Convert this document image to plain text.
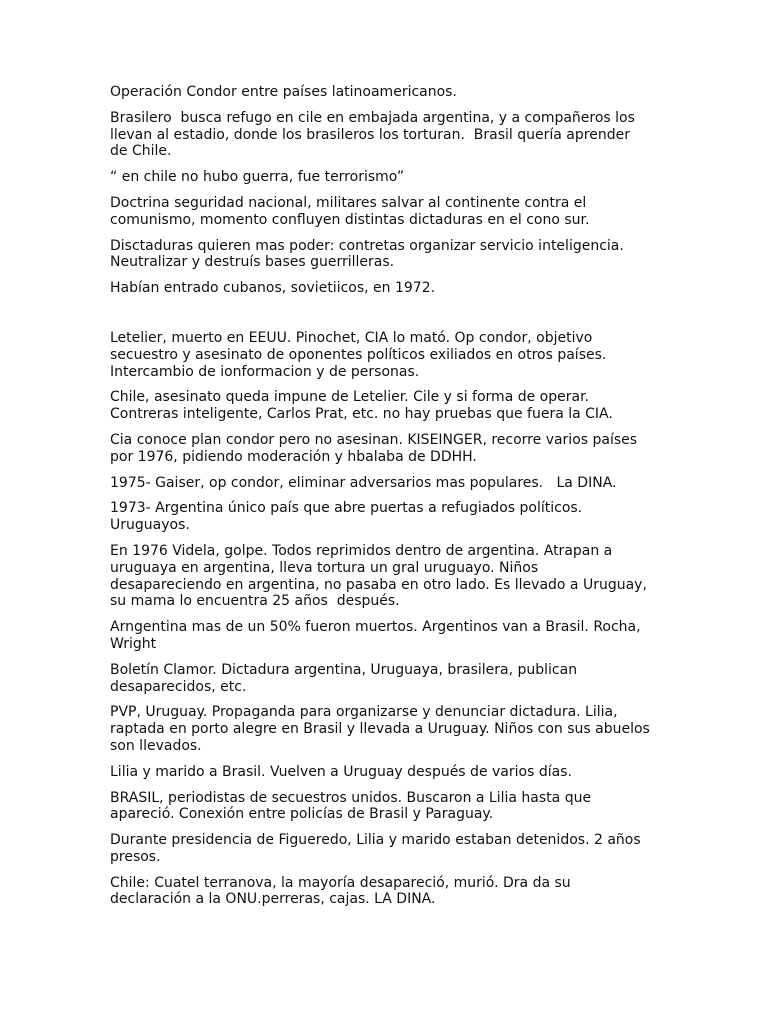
Operación Condor entre países latinoamericanos.

Brasilero  busca refugo en cile en embajada argentina, y a compañeros los
llevan al estadio, donde los brasileros los torturan.  Brasil quería aprender
de Chile.

“ en chile no hubo guerra, fue terrorismo”

Doctrina seguridad nacional, militares salvar al continente contra el
comunismo, momento confluyen distintas dictaduras en el cono sur.

Disctaduras quieren mas poder: contretas organizar servicio inteligencia.
Neutralizar y destruís bases guerrilleras.

Habían entrado cubanos, sovietiicos, en 1972.

Letelier, muerto en EEUU. Pinochet, CIA lo mató. Op condor, objetivo
secuestro y asesinato de oponentes políticos exiliados en otros países.
Intercambio de ionformacion y de personas.

Chile, asesinato queda impune de Letelier. Cile y si forma de operar.
Contreras inteligente, Carlos Prat, etc. no hay pruebas que fuera la CIA.

Cia conoce plan condor pero no asesinan. KISEINGER, recorre varios países
por 1976, pidiendo moderación y hbalaba de DDHH.

1975- Gaiser, op condor, eliminar adversarios mas populares.   La DINA.

1973- Argentina único país que abre puertas a refugiados políticos.
Uruguayos.

En 1976 Videla, golpe. Todos reprimidos dentro de argentina. Atrapan a
uruguaya en argentina, lleva tortura un gral uruguayo. Niños
desapareciendo en argentina, no pasaba en otro lado. Es llevado a Uruguay,
su mama lo encuentra 25 años  después.

Arngentina mas de un 50% fueron muertos. Argentinos van a Brasil. Rocha,
Wright

Boletín Clamor. Dictadura argentina, Uruguaya, brasilera, publican
desaparecidos, etc.

PVP, Uruguay. Propaganda para organizarse y denunciar dictadura. Lilia,
raptada en porto alegre en Brasil y llevada a Uruguay. Niños con sus abuelos
son llevados.

Lilia y marido a Brasil. Vuelven a Uruguay después de varios días.

BRASIL, periodistas de secuestros unidos. Buscaron a Lilia hasta que
apareció. Conexión entre policías de Brasil y Paraguay.

Durante presidencia de Figueredo, Lilia y marido estaban detenidos. 2 años
presos.

Chile: Cuatel terranova, la mayoría desapareció, murió. Dra da su
declaración a la ONU.perreras, cajas. LA DINA.
